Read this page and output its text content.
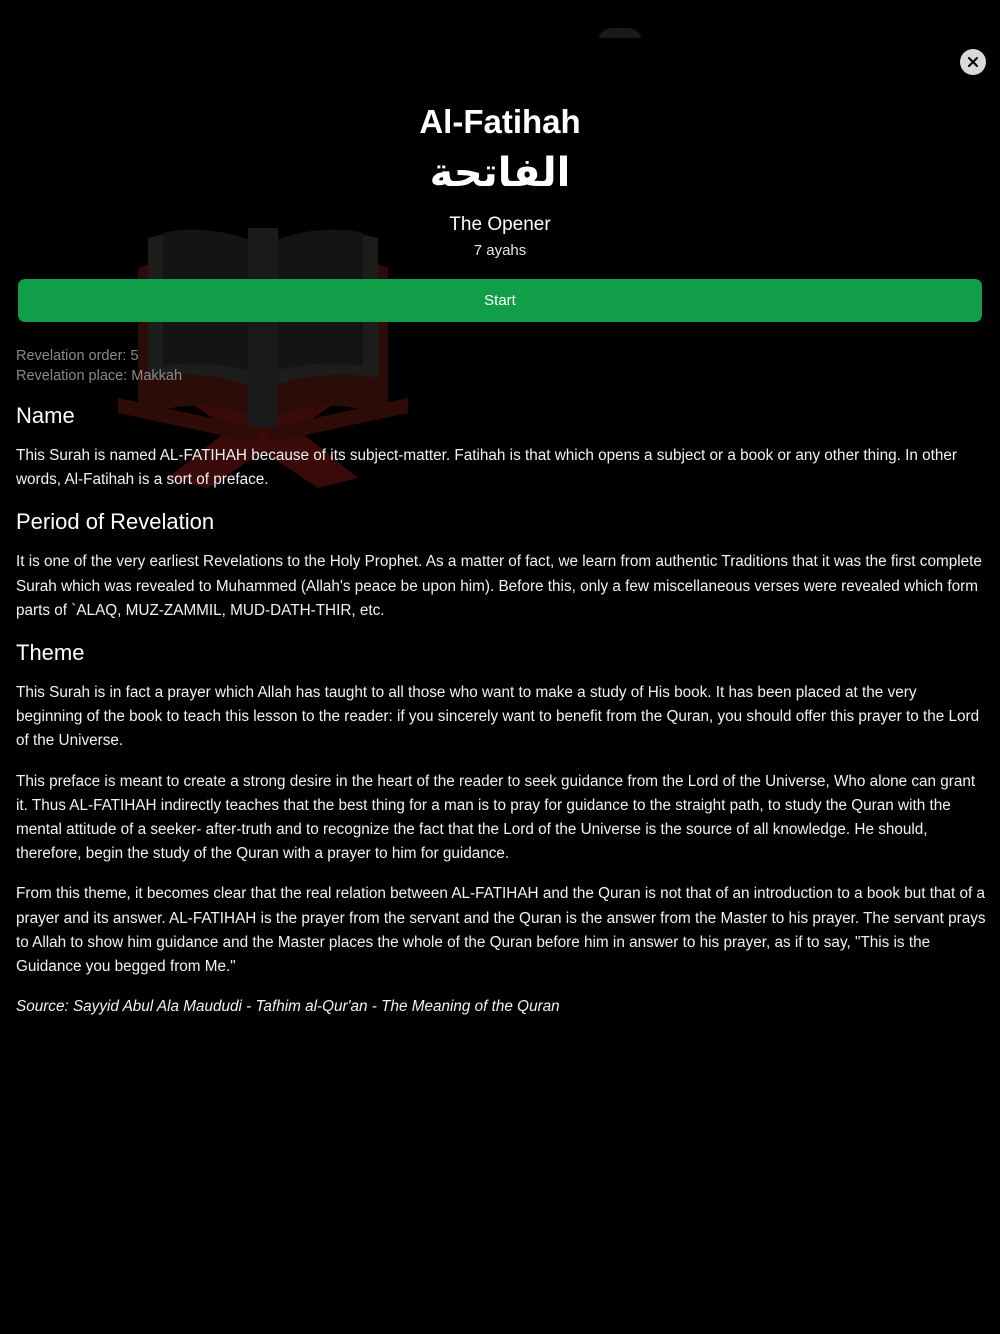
Al-Fatihah
الفاتحة
The Opener
7 ayahs
Start
Revelation order: 5
Revelation place: Makkah
Name

This Surah is named AL-FATIHAH because of its subject-matter. Fatihah is that which opens a subject or a book or any other thing. In other words, Al-Fatihah is a sort of preface.

Period of Revelation

It is one of the very earliest Revelations to the Holy Prophet. As a matter of fact, we learn from authentic Traditions that it was the first complete Surah which was revealed to Muhammed (Allah's peace be upon him). Before this, only a few miscellaneous verses were revealed which form parts of `ALAQ, MUZ-ZAMMIL, MUD-DATH-THIR, etc.

Theme

This Surah is in fact a prayer which Allah has taught to all those who want to make a study of His book. It has been placed at the very beginning of the book to teach this lesson to the reader: if you sincerely want to benefit from the Quran, you should offer this prayer to the Lord of the Universe.

This preface is meant to create a strong desire in the heart of the reader to seek guidance from the Lord of the Universe, Who alone can grant it. Thus AL-FATIHAH indirectly teaches that the best thing for a man is to pray for guidance to the straight path, to study the Quran with the mental attitude of a seeker- after-truth and to recognize the fact that the Lord of the Universe is the source of all knowledge. He should, therefore, begin the study of the Quran with a prayer to him for guidance.

From this theme, it becomes clear that the real relation between AL-FATIHAH and the Quran is not that of an introduction to a book but that of a prayer and its answer. AL-FATIHAH is the prayer from the servant and the Quran is the answer from the Master to his prayer. The servant prays to Allah to show him guidance and the Master places the whole of the Quran before him in answer to his prayer, as if to say, "This is the Guidance you begged from Me."

Source: Sayyid Abul Ala Maududi - Tafhim al-Qur'an - The Meaning of the Quran
